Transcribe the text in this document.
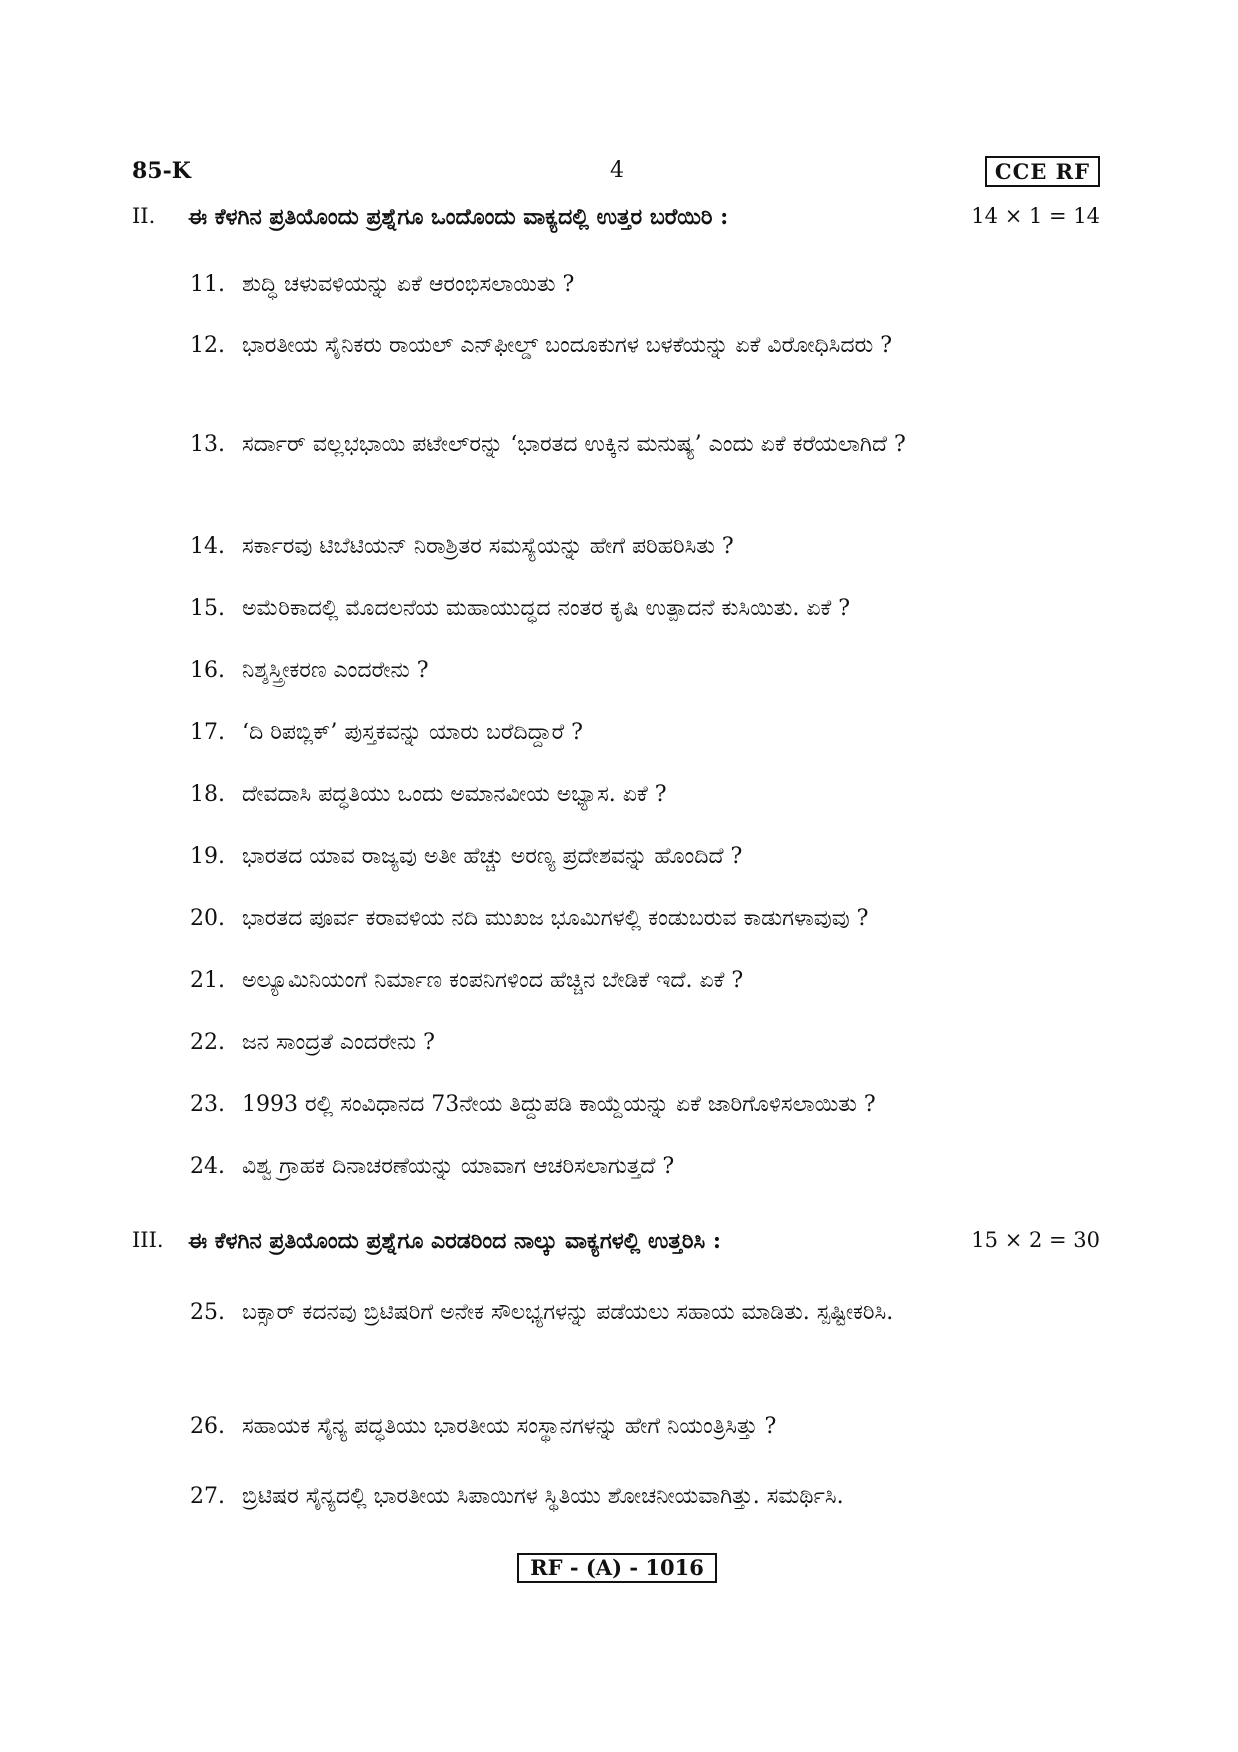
85-K	4	CCE RF
II. ಈ ಕೆಳಗಿನ ಪ್ರತಿಯೊಂದು ಪ್ರಶ್ನೆಗೂ ಒಂದೊಂದು ವಾಕ್ಯದಲ್ಲಿ ಉತ್ತರ ಬರೆಯಿರಿ :	14 × 1 = 14
11. ಶುದ್ಧಿ ಚಳುವಳಿಯನ್ನು ಏಕೆ ಆರಂಭಿಸಲಾಯಿತು ?
12. ಭಾರತೀಯ ಸೈನಿಕರು ರಾಯಲ್ ಎನ್‌ಫೀಲ್ಡ್ ಬಂದೂಕುಗಳ ಬಳಕೆಯನ್ನು ಏಕೆ ವಿರೋಧಿಸಿದರು ?
13. ಸರ್ದಾರ್ ವಲ್ಲಭಭಾಯಿ ಪಟೇಲ್‌ರನ್ನು ‘ಭಾರತದ ಉಕ್ಕಿನ ಮನುಷ್ಯ’ ಎಂದು ಏಕೆ ಕರೆಯಲಾಗಿದೆ ?
14. ಸರ್ಕಾರವು ಟಿಬೆಟಿಯನ್ ನಿರಾಶ್ರಿತರ ಸಮಸ್ಯೆಯನ್ನು ಹೇಗೆ ಪರಿಹರಿಸಿತು ?
15. ಅಮೆರಿಕಾದಲ್ಲಿ ಮೊದಲನೆಯ ಮಹಾಯುದ್ಧದ ನಂತರ ಕೃಷಿ ಉತ್ಪಾದನೆ ಕುಸಿಯಿತು. ಏಕೆ ?
16. ನಿಶ್ಶಸ್ತ್ರೀಕರಣ ಎಂದರೇನು ?
17. ‘ದಿ ರಿಪಬ್ಲಿಕ್’ ಪುಸ್ತಕವನ್ನು ಯಾರು ಬರೆದಿದ್ದಾರೆ ?
18. ದೇವದಾಸಿ ಪದ್ಧತಿಯು ಒಂದು ಅಮಾನವೀಯ ಅಭ್ಯಾಸ. ಏಕೆ ?
19. ಭಾರತದ ಯಾವ ರಾಜ್ಯವು ಅತೀ ಹೆಚ್ಚು ಅರಣ್ಯ ಪ್ರದೇಶವನ್ನು ಹೊಂದಿದೆ ?
20. ಭಾರತದ ಪೂರ್ವ ಕರಾವಳಿಯ ನದಿ ಮುಖಜ ಭೂಮಿಗಳಲ್ಲಿ ಕಂಡುಬರುವ ಕಾಡುಗಳಾವುವು ?
21. ಅಲ್ಯೂಮಿನಿಯಂಗೆ ನಿರ್ಮಾಣ ಕಂಪನಿಗಳಿಂದ ಹೆಚ್ಚಿನ ಬೇಡಿಕೆ ಇದೆ. ಏಕೆ ?
22. ಜನ ಸಾಂದ್ರತೆ ಎಂದರೇನು ?
23. 1993 ರಲ್ಲಿ ಸಂವಿಧಾನದ 73ನೇಯ ತಿದ್ದುಪಡಿ ಕಾಯ್ದೆಯನ್ನು ಏಕೆ ಜಾರಿಗೊಳಿಸಲಾಯಿತು ?
24. ವಿಶ್ವ ಗ್ರಾಹಕ ದಿನಾಚರಣೆಯನ್ನು ಯಾವಾಗ ಆಚರಿಸಲಾಗುತ್ತದೆ ?
III. ಈ ಕೆಳಗಿನ ಪ್ರತಿಯೊಂದು ಪ್ರಶ್ನೆಗೂ ಎರಡರಿಂದ ನಾಲ್ಕು ವಾಕ್ಯಗಳಲ್ಲಿ ಉತ್ತರಿಸಿ :	15 × 2 = 30
25. ಬಕ್ಸಾರ್ ಕದನವು ಬ್ರಿಟಿಷರಿಗೆ ಅನೇಕ ಸೌಲಭ್ಯಗಳನ್ನು ಪಡೆಯಲು ಸಹಾಯ ಮಾಡಿತು. ಸ್ಪಷ್ಟೀಕರಿಸಿ.
26. ಸಹಾಯಕ ಸೈನ್ಯ ಪದ್ಧತಿಯು ಭಾರತೀಯ ಸಂಸ್ಥಾನಗಳನ್ನು ಹೇಗೆ ನಿಯಂತ್ರಿಸಿತ್ತು ?
27. ಬ್ರಿಟಿಷರ ಸೈನ್ಯದಲ್ಲಿ ಭಾರತೀಯ ಸಿಪಾಯಿಗಳ ಸ್ಥಿತಿಯು ಶೋಚನೀಯವಾಗಿತ್ತು. ಸಮರ್ಥಿಸಿ.
RF - (A) - 1016
